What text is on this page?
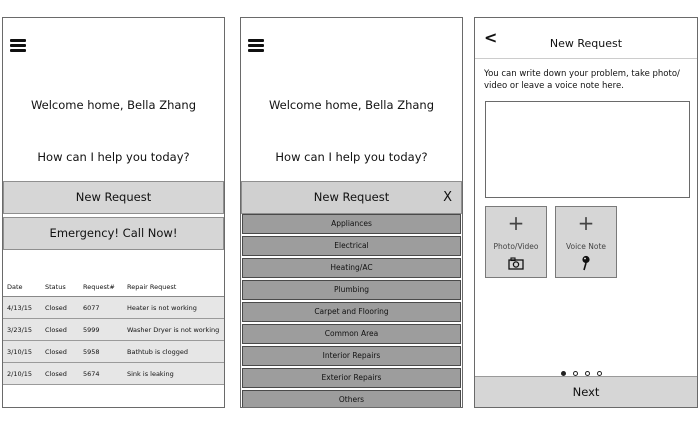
Welcome home, Bella Zhang
How can I help you today?
New Request
Emergency! Call Now!
Date	Status	Request#	Repair Request
4/13/15	Closed	6077	Heater is not working
3/23/15	Closed	5999	Washer Dryer is not working
3/10/15	Closed	5958	Bathtub is clogged
2/10/15	Closed	5674	Sink is leaking
Welcome home, Bella Zhang
How can I help you today?
New Request	X
Appliances
Electrical
Heating/AC
Plumbing
Carpet and Flooring
Common Area
Interior Repairs
Exterior Repairs
Others
<	New Request
You can write down your problem, take photo/ video or leave a voice note here.
+
Photo/Video
+
Voice Note
Next
